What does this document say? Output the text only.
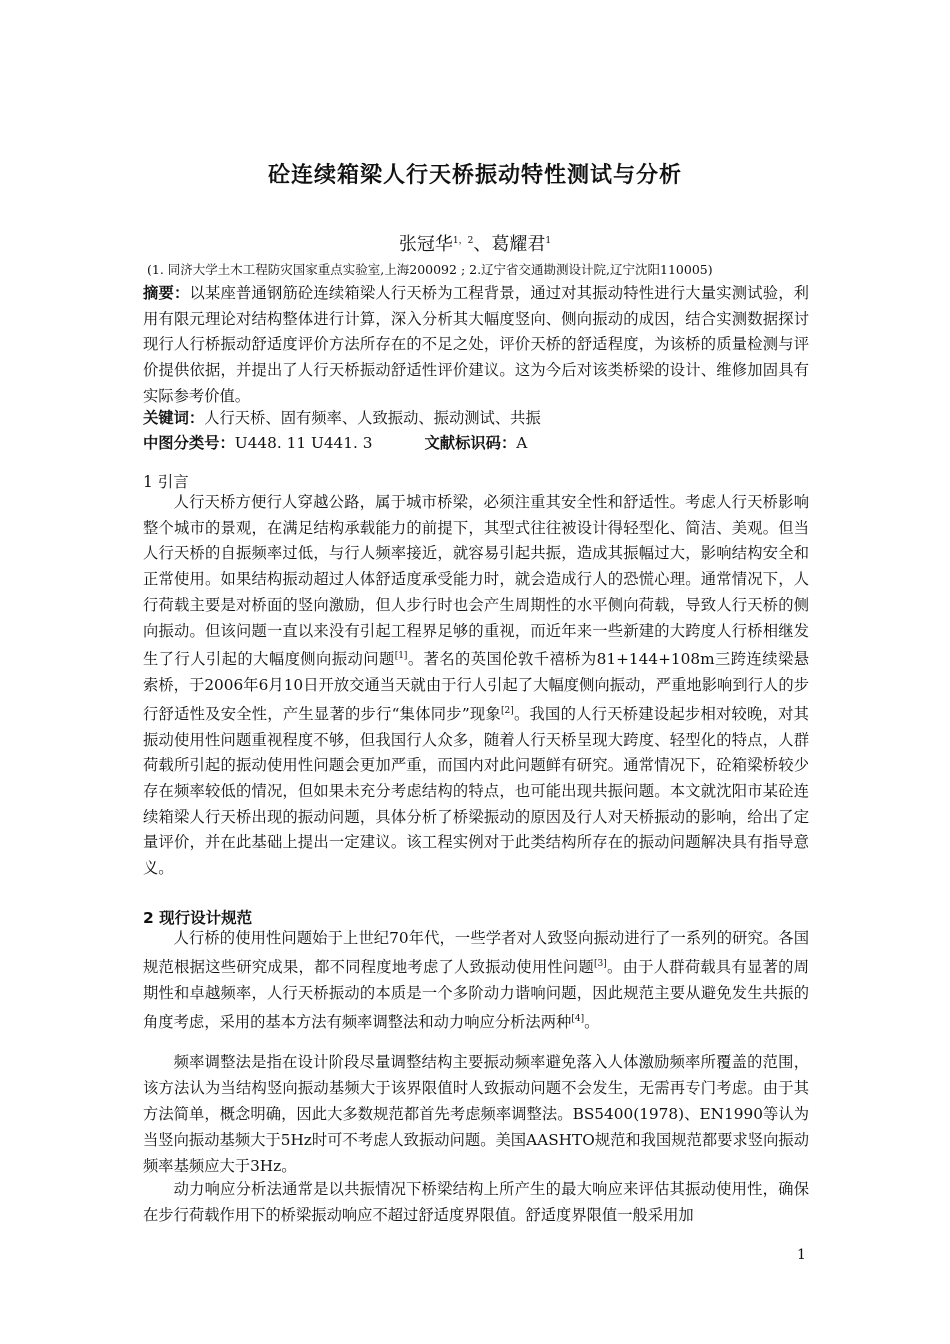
砼连续箱梁人行天桥振动特性测试与分析
张冠华$^{1,2}$、葛耀君$^1$
(1. 同济大学土木工程防灾国家重点实验室,上海200092 ; 2.辽宁省交通勘测设计院,辽宁沈阳110005)
摘要：以某座普通钢筋砼连续箱梁人行天桥为工程背景，通过对其振动特性进行大量实测试验，利用有限元理论对结构整体进行计算，深入分析其大幅度竖向、侧向振动的成因，结合实测数据探讨现行人行桥振动舒适度评价方法所存在的不足之处，评价天桥的舒适程度，为该桥的质量检测与评价提供依据，并提出了人行天桥振动舒适性评价建议。这为今后对该类桥梁的设计、维修加固具有实际参考价值。
关键词：人行天桥、固有频率、人致振动、振动测试、共振
中图分类号：U448. 11 U441. 3	文献标识码：A
1 引言
人行天桥方便行人穿越公路，属于城市桥梁，必须注重其安全性和舒适性。考虑人行天桥影响整个城市的景观，在满足结构承载能力的前提下，其型式往往被设计得轻型化、简洁、美观。但当人行天桥的自振频率过低，与行人频率接近，就容易引起共振，造成其振幅过大，影响结构安全和正常使用。如果结构振动超过人体舒适度承受能力时，就会造成行人的恐慌心理。通常情况下，人行荷载主要是对桥面的竖向激励，但人步行时也会产生周期性的水平侧向荷载，导致人行天桥的侧向振动。但该问题一直以来没有引起工程界足够的重视，而近年来一些新建的大跨度人行桥相继发生了行人引起的大幅度侧向振动问题[1]。著名的英国伦敦千禧桥为81+144+108m三跨连续梁悬索桥，于2006年6月10日开放交通当天就由于行人引起了大幅度侧向振动，严重地影响到行人的步行舒适性及安全性，产生显著的步行“集体同步”现象[2]。我国的人行天桥建设起步相对较晚，对其振动使用性问题重视程度不够，但我国行人众多，随着人行天桥呈现大跨度、轻型化的特点，人群荷载所引起的振动使用性问题会更加严重，而国内对此问题鲜有研究。通常情况下，砼箱梁桥较少存在频率较低的情况，但如果未充分考虑结构的特点，也可能出现共振问题。本文就沈阳市某砼连续箱梁人行天桥出现的振动问题，具体分析了桥梁振动的原因及行人对天桥振动的影响，给出了定量评价，并在此基础上提出一定建议。该工程实例对于此类结构所存在的振动问题解决具有指导意义。
2 现行设计规范
人行桥的使用性问题始于上世纪70年代，一些学者对人致竖向振动进行了一系列的研究。各国规范根据这些研究成果，都不同程度地考虑了人致振动使用性问题[3]。由于人群荷载具有显著的周期性和卓越频率，人行天桥振动的本质是一个多阶动力谐响问题，因此规范主要从避免发生共振的角度考虑，采用的基本方法有频率调整法和动力响应分析法两种[4]。
频率调整法是指在设计阶段尽量调整结构主要振动频率避免落入人体激励频率所覆盖的范围，该方法认为当结构竖向振动基频大于该界限值时人致振动问题不会发生，无需再专门考虑。由于其方法简单，概念明确，因此大多数规范都首先考虑频率调整法。BS5400(1978)、EN1990等认为当竖向振动基频大于5Hz时可不考虑人致振动问题。美国AASHTO规范和我国规范都要求竖向振动频率基频应大于3Hz。
动力响应分析法通常是以共振情况下桥梁结构上所产生的最大响应来评估其振动使用性，确保在步行荷载作用下的桥梁振动响应不超过舒适度界限值。舒适度界限值一般采用加
1
